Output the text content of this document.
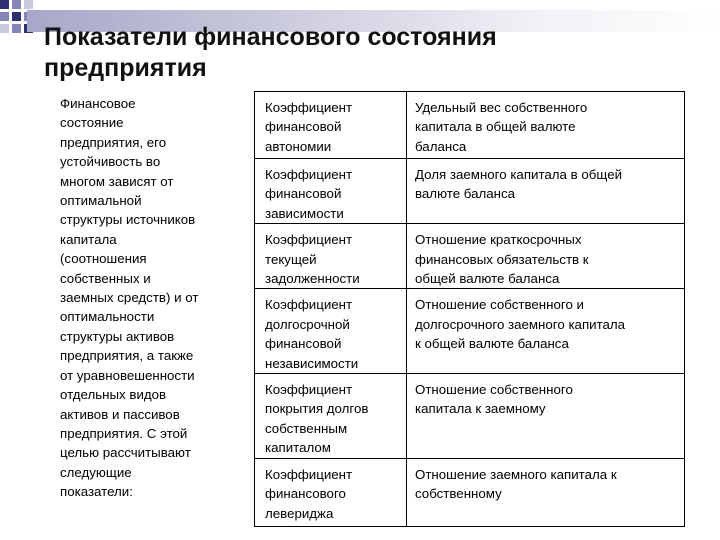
Показатели финансового состояния
предприятия

Финансовое
состояние
предприятия, его
устойчивость во
многом зависят от
оптимальной
структуры источников
капитала
(соотношения
собственных и
заемных средств) и от
оптимальности
структуры активов
предприятия, а также
от уравновешенности
отдельных видов
активов и пассивов
предприятия. С этой
целью рассчитывают
следующие
показатели:

Коэффициент
финансовой
автономии	Удельный вес собственного
капитала в общей валюте
баланса
Коэффициент
финансовой
зависимости	Доля заемного капитала в общей
валюте баланса
Коэффициент
текущей
задолженности	Отношение краткосрочных
финансовых обязательств к
общей валюте баланса
Коэффициент
долгосрочной
финансовой
независимости	Отношение собственного и
долгосрочного заемного капитала
к общей валюте баланса
Коэффициент
покрытия долгов
собственным
капиталом	Отношение собственного
капитала к заемному
Коэффициент
финансового
левериджа	Отношение заемного капитала к
собственному
